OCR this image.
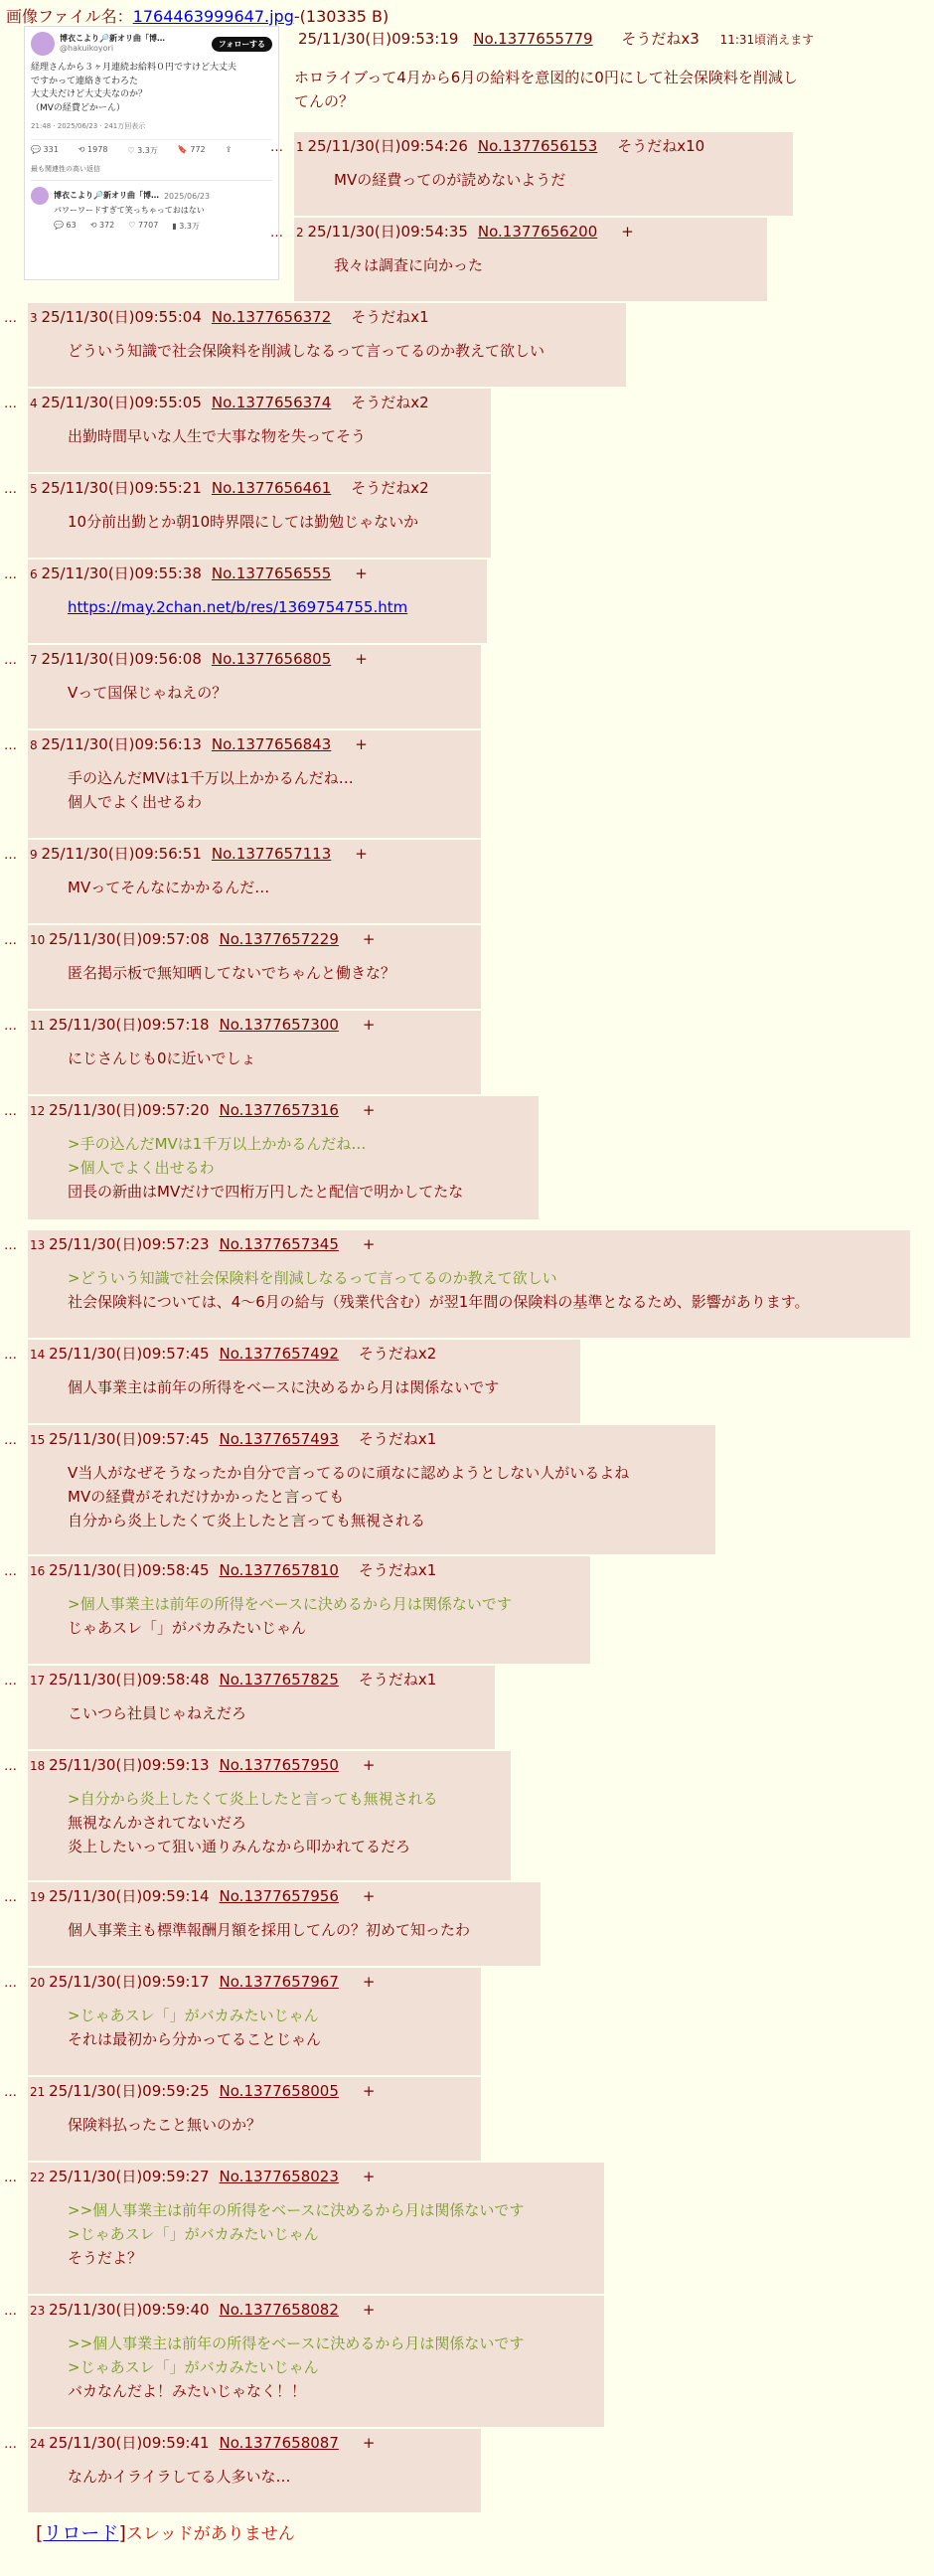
画像ファイル名：1764463999647.jpg-(130335 B)
博衣こより🔎新オリ曲「博…
@hakuikoyori	フォローする
経理さんから３ヶ月連続お給料０円ですけど大丈夫
ですかって連絡きてわろた
大丈夫だけど大丈夫なのか？
（MVの経費どかーん）
21:48 · 2025/06/23 · 241万回表示
💬 331	⟲ 1978	♡ 3.3万	🔖 772	⇪
最も関連性の高い返信
博衣こより🔎新オリ曲「博… 2025/06/23
パワーワードすぎて笑っちゃっておはない
💬 63 ⟲ 372 ♡ 7707 ▮ 3.3万
25/11/30(日)09:53:19 No.1377655779 そうだねx3 11:31頃消えます
ホロライブって4月から6月の給料を意図的に0円にして社会保険料を削減し
てんの？
… 1 25/11/30(日)09:54:26 No.1377656153 そうだねx10
MVの経費ってのが読めないようだ
… 2 25/11/30(日)09:54:35 No.1377656200 +
我々は調査に向かった
… 3 25/11/30(日)09:55:04 No.1377656372 そうだねx1
どういう知識で社会保険料を削減しなるって言ってるのか教えて欲しい
… 4 25/11/30(日)09:55:05 No.1377656374 そうだねx2
出勤時間早いな人生で大事な物を失ってそう
… 5 25/11/30(日)09:55:21 No.1377656461 そうだねx2
10分前出勤とか朝10時界隈にしては勤勉じゃないか
… 6 25/11/30(日)09:55:38 No.1377656555 +
https://may.2chan.net/b/res/1369754755.htm
… 7 25/11/30(日)09:56:08 No.1377656805 +
Vって国保じゃねえの？
… 8 25/11/30(日)09:56:13 No.1377656843 +
手の込んだMVは1千万以上かかるんだね…
個人でよく出せるわ
… 9 25/11/30(日)09:56:51 No.1377657113 +
MVってそんなにかかるんだ…
… 10 25/11/30(日)09:57:08 No.1377657229 +
匿名掲示板で無知晒してないでちゃんと働きな？
… 11 25/11/30(日)09:57:18 No.1377657300 +
にじさんじも0に近いでしょ
… 12 25/11/30(日)09:57:20 No.1377657316 +
>手の込んだMVは1千万以上かかるんだね…
>個人でよく出せるわ
団長の新曲はMVだけで四桁万円したと配信で明かしてたな
… 13 25/11/30(日)09:57:23 No.1377657345 +
>どういう知識で社会保険料を削減しなるって言ってるのか教えて欲しい
社会保険料については、4〜6月の給与（残業代含む）が翌1年間の保険料の基準となるため、影響があります。
… 14 25/11/30(日)09:57:45 No.1377657492 そうだねx2
個人事業主は前年の所得をベースに決めるから月は関係ないです
… 15 25/11/30(日)09:57:45 No.1377657493 そうだねx1
V当人がなぜそうなったか自分で言ってるのに頑なに認めようとしない人がいるよね
MVの経費がそれだけかかったと言っても
自分から炎上したくて炎上したと言っても無視される
… 16 25/11/30(日)09:58:45 No.1377657810 そうだねx1
>個人事業主は前年の所得をベースに決めるから月は関係ないです
じゃあスレ「」がバカみたいじゃん
… 17 25/11/30(日)09:58:48 No.1377657825 そうだねx1
こいつら社員じゃねえだろ
… 18 25/11/30(日)09:59:13 No.1377657950 +
>自分から炎上したくて炎上したと言っても無視される
無視なんかされてないだろ
炎上したいって狙い通りみんなから叩かれてるだろ
… 19 25/11/30(日)09:59:14 No.1377657956 +
個人事業主も標準報酬月額を採用してんの？初めて知ったわ
… 20 25/11/30(日)09:59:17 No.1377657967 +
>じゃあスレ「」がバカみたいじゃん
それは最初から分かってることじゃん
… 21 25/11/30(日)09:59:25 No.1377658005 +
保険料払ったこと無いのか？
… 22 25/11/30(日)09:59:27 No.1377658023 +
>>個人事業主は前年の所得をベースに決めるから月は関係ないです
>じゃあスレ「」がバカみたいじゃん
そうだよ？
… 23 25/11/30(日)09:59:40 No.1377658082 +
>>個人事業主は前年の所得をベースに決めるから月は関係ないです
>じゃあスレ「」がバカみたいじゃん
バカなんだよ！みたいじゃなく！！
… 24 25/11/30(日)09:59:41 No.1377658087 +
なんかイライラしてる人多いな…
[リロード]スレッドがありません
